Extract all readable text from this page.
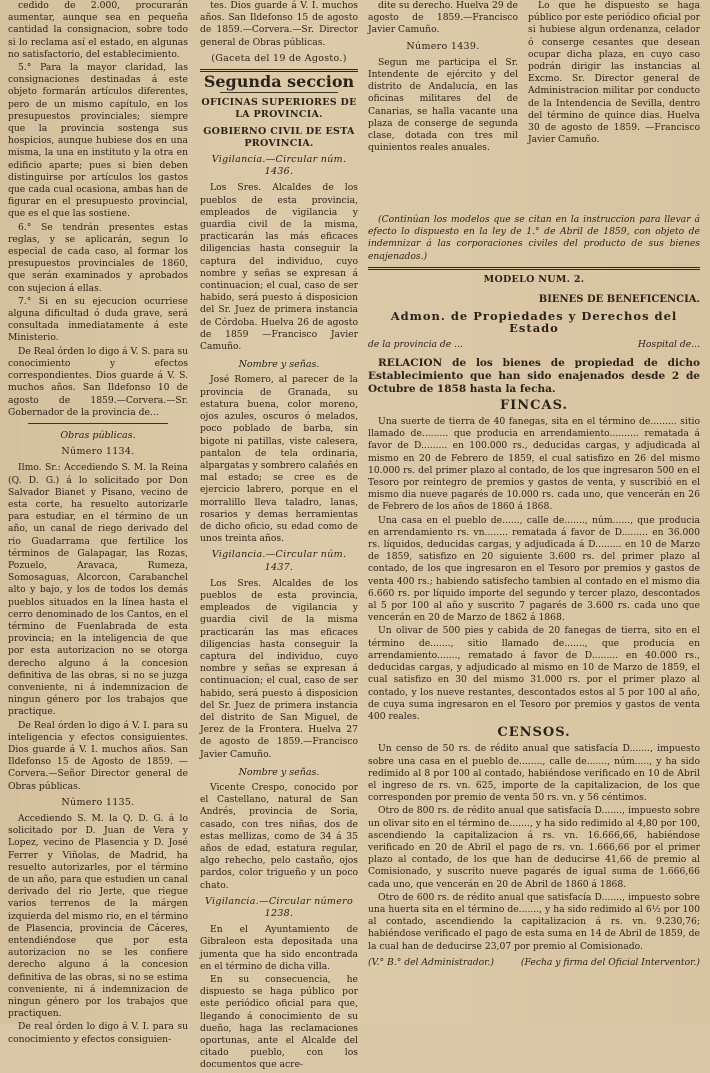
cedido de 2.000, procurarán aumentar, aunque sea en pequeña cantidad la consignacion, sobre todo si lo reclama así el estado, en algunas no satisfactorio, del establecimiento.

5.° Para la mayor claridad, las consignaciones destinadas á este objeto formarán artículos diferentes, pero de un mismo capítulo, en los presupuestos provinciales; siempre que la provincia sostenga sus hospicios, aunque hubiese dos en una misma, la una en instituto y la otra en edificio aparte; pues si bien deben distinguirse por artículos los gastos que cada cual ocasiona, ambas han de figurar en el presupuesto provincial, que es el que las sostiene.

6.° Se tendrán presentes estas reglas, y se aplicarán, segun lo especial de cada caso, al formar los presupuestos provinciales de 1860, que serán examinados y aprobados con sujecion á ellas.

7.° Si en su ejecucion ocurriese alguna dificultad ó duda grave, será consultada inmediatamente á este Ministerio.

De Real órden lo digo á V. S. para su conocimiento y efectos correspondientes. Dios guarde á V. S. muchos años. San Ildefonso 10 de agosto de 1859.—Corvera.—Sr. Gobernador de la provincia de...

Obras públicas.
Número 1134.

Ilmo. Sr.: Accediendo S. M. la Reina (Q. D. G.) á lo solicitado por Don Salvador Bianet y Pisano, vecino de esta corte, ha resuelto autorizarle para estudiar, en el término de un año, un canal de riego derivado del rio Guadarrama que fertilice los términos de Galapagar, las Rozas, Pozuelo, Aravaca, Rumeza, Somosaguas, Alcorcon, Carabanchel alto y bajo, y los de todos los demás pueblos situados en la línea hasta el cerro denominado de los Cantos, en el término de Fuenlabrada de esta provincia; en la inteligencia de que por esta autorizacion no se otorga derecho alguno á la concesion definitiva de las obras, si no se juzga conveniente, ni á indemnizacion de ningun género por los trabajos que practique.

De Real órden lo digo á V. I. para su inteligencia y efectos consiguientes. Dios guarde á V. I. muchos años. San Ildefonso 15 de Agosto de 1859. —Corvera.—Señor Director general de Obras públicas.

Número 1135.

Accediendo S. M. la Q. D. G. á lo solicitado por D. Juan de Vera y Lopez, vecino de Plasencia y D. José Ferrer y Viñolas, de Madrid, ha resuelto autorizarles, por el término de un año, para que estudien un canal derivado del rio Jerte, que riegue varios terrenos de la márgen izquierda del mismo rio, en el término de Plasencia, provincia de Cáceres, entendiéndose que por esta autorizacion no se les confiere derecho alguno á la concesion definitiva de las obras, si no se estima conveniente, ni á indemnizacion de ningun género por los trabajos que practiquen.

De real órden lo digo á V. I. para su conocimiento y efectos consiguien-

tes. Dios guarde á V. I. muchos años. San Ildefonso 15 de agosto de 1859.—Corvera.—Sr. Director general de Obras públicas.

(Gaceta del 19 de Agosto.)
Segunda seccion
OFICINAS SUPERIORES DE LA PROVINCIA.
GOBIERNO CIVIL DE ESTA PROVINCIA.
Vigilancia.—Circular núm. 1436.

Los Sres. Alcaldes de los pueblos de esta provincia, empleados de vigilancia y guardia civil de la misma, practicarán las más eficaces diligencias hasta conseguir la captura del individuo, cuyo nombre y señas se expresan á continuacion; el cual, caso de ser habido, será puesto á disposicion del Sr. Juez de primera instancia de Córdoba. Huelva 26 de agosto de 1859 —Francisco Javier Camuño.

Nombre y señas.

José Romero, al parecer de la provincia de Granada, su estatura buena, color moreno, ojos azules, oscuros ó melados, poco poblado de barba, sin bigote ni patillas, viste calesera, pantalon de tela ordinaria, alpargatas y sombrero calañés en mal estado; se cree es de ejercicio labrero, porque en el morralillo lleva taladro, lanas, rosarios y demas herramientas de dicho oficio, su edad como de unos treinta años.

Vigilancia.—Circular núm. 1437.

Los Sres. Alcaldes de los pueblos de esta provincia, empleados de vigilancia y guardia civil de la misma practicarán las mas eficaces diligencias hasta conseguir la captura del individuo, cuyo nombre y señas se expresan á continuacion; el cual, caso de ser habido, será puesto á disposicion del Sr. Juez de primera instancia del distrito de San Miguel, de Jerez de la Frontera. Huelva 27 de agosto de 1859.—Francisco Javier Camuño.

Nombre y señas.

Vicente Crespo, conocido por el Castellano, natural de San Andrés, provincia de Soria, casado, con tres niñas, dos de estas mellizas, como de 34 á 35 años de edad, estatura regular, algo rehecho, pelo castaño, ojos pardos, color trigueño y un poco chato.

Vigilancia.—Circular número 1238.

En el Ayuntamiento de Gibraleon esta depositada una jumenta que ha sido encontrada en el término de dicha villa.

En su consecuencia, he dispuesto se haga público por este periódico oficial para que, llegando á conocimiento de su dueño, haga las reclamaciones oportunas, ante el Alcalde del citado pueblo, con los documentos que acre-

dite su derecho. Huelva 29 de agosto de 1859.—Francisco Javier Camuño.

Número 1439.

Segun me participa el Sr. Intendente de ejército y del distrito de Andalucía, en las oficinas militares del de Canarias, se halla vacante una plaza de conserge de segunda clase, dotada con tres mil quinientos reales anuales.

Lo que he dispuesto se haga público por este periódico oficial por si hubiese algun ordenanza, celador ó conserge cesantes que desean ocupar dicha plaza, en cuyo caso podrán dirigir las instancias al Excmo. Sr. Director general de Administracion militar por conducto de la Intendencia de Sevilla, dentro del término de quince dias. Huelva 30 de agosto de 1859. —Francisco Javier Camuño.

(Continúan los modelos que se citan en la instruccion para llevar á efecto lo dispuesto en la ley de 1.° de Abril de 1859, con objeto de indemnizar á las corporaciones civiles del producto de sus bienes enajenados.)

MODELO NUM. 2.
BIENES DE BENEFICENCIA.
Admon. de Propiedades y Derechos del Estado
de la provincia de ...	Hospital de...

RELACION de los bienes de propiedad de dicho Establecimiento que han sido enajenados desde 2 de Octubre de 1858 hasta la fecha.

FINCAS.

Una suerte de tierra de 40 fanegas, sita en el término de......... sitio llamado de......... que producia en arrendamiento.......... rematada á favor de D......... en 100.000 rs., deducidas cargas, y adjudicada al mismo en 20 de Febrero de 1859, el cual satisfizo en 26 del mismo 10.000 rs. del primer plazo al contado, de los que ingresaron 500 en el Tesoro por reintegro de premios y gastos de venta, y suscribió en el mismo dia nueve pagarés de 10.000 rs. cada uno, que vencerán en 26 de Febrero de los años de 1860 á 1868.

Una casa en el pueblo de......, calle de......., núm......, que producia en arrendamiento rs. vn........ rematada á favor de D......... en 36.000 rs. líquidos, deducidas cargas, y adjudicada á D......... en 10 de Marzo de 1859, satisfizo en 20 siguiente 3.600 rs. del primer plazo al contado, de los que ingresaron en el Tesoro por premios y gastos de venta 400 rs.; habiendo satisfecho tambien al contado en el mismo dia 6.660 rs. por líquido importe del segundo y tercer plazo, descontados al 5 por 100 al año y suscrito 7 pagarés de 3.600 rs. cada uno que vencerán en 20 de Marzo de 1862 á 1868.

Un olivar de 500 pies y cabida de 20 fanegas de tierra, sito en el término de......., sitio llamado de......., que producia en arrendamiento......., rematado á favor de D......... en 40.000 rs., deducidas cargas, y adjudicado al mismo en 10 de Marzo de 1859, el cual satisfizo en 30 del mismo 31.000 rs. por el primer plazo al contado, y los nueve restantes, descontados estos al 5 por 100 al año, de cuya suma ingresaron en el Tesoro por premios y gastos de venta 400 reales.

CENSOS.

Un censo de 50 rs. de rédito anual que satisfacía D......., impuesto sobre una casa en el pueblo de........, calle de......., núm....., y ha sido redimido al 8 por 100 al contado, habiéndose verificado en 10 de Abril el ingreso de rs. vn. 625, importe de la capitalizacion, de los que corresponden por premio de venta 50 rs. vn. y 56 céntimos.

Otro de 800 rs. de rédito anual que satisfacía D......., impuesto sobre un olivar sito en el término de......., y ha sido redimido al 4,80 por 100, ascendiendo la capitalizacion á rs. vn. 16.666,66, habiéndose verificado en 20 de Abril el pago de rs. vn. 1.666,66 por el primer plazo al contado, de los que han de deducirse 41,66 de premio al Comisionado, y suscrito nueve pagarés de igual suma de 1.666,66 cada uno, que vencerán en 20 de Abril de 1860 á 1868.

Otro de 600 rs. de rédito anual que satisfacía D......., impuesto sobre una huerta sita en el término de......., y ha sido redimido al 6½ por 100 al contado, ascendiendo la capitalizacion á rs. vn. 9.230,76; habiéndose verificado el pago de esta suma en 14 de Abril de 1859, de la cual han de deducirse 23,07 por premio al Comisionado.

(V.° B.° del Administrador.)	(Fecha y firma del Oficial Interventor.)
